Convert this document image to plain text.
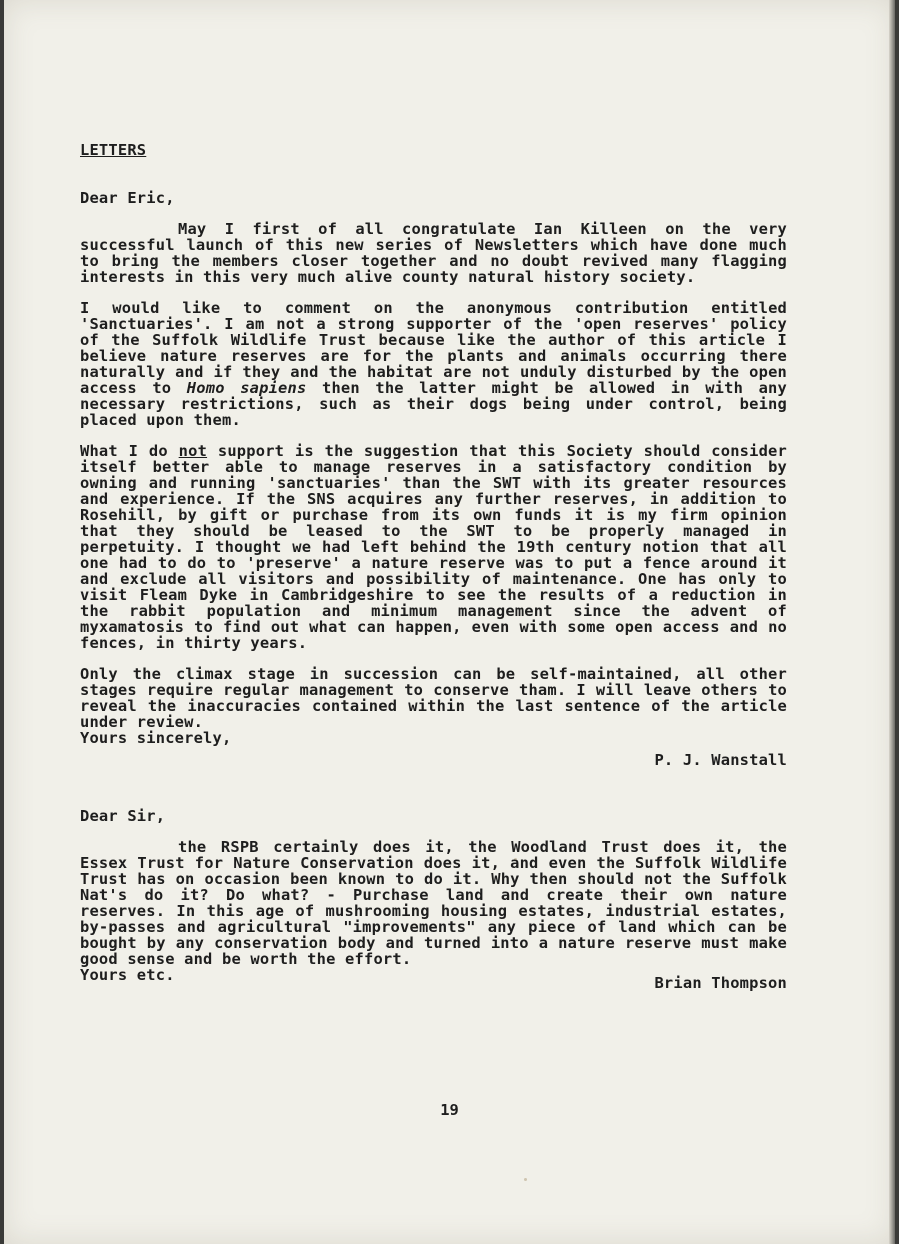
LETTERS
Dear Eric,

May I first of all congratulate Ian Killeen on the very successful launch of this new series of Newsletters which have done much to bring the members closer together and no doubt revived many flagging interests in this very much alive county natural history society.

I would like to comment on the anonymous contribution entitled 'Sanctuaries'. I am not a strong supporter of the 'open reserves' policy of the Suffolk Wildlife Trust because like the author of this article I believe nature reserves are for the plants and animals occurring there naturally and if they and the habitat are not unduly disturbed by the open access to Homo sapiens then the latter might be allowed in with any necessary restrictions, such as their dogs being under control, being placed upon them.

What I do not support is the suggestion that this Society should consider itself better able to manage reserves in a satisfactory condition by owning and running 'sanctuaries' than the SWT with its greater resources and experience. If the SNS acquires any further reserves, in addition to Rosehill, by gift or purchase from its own funds it is my firm opinion that they should be leased to the SWT to be properly managed in perpetuity. I thought we had left behind the 19th century notion that all one had to do to 'preserve' a nature reserve was to put a fence around it and exclude all visitors and possibility of maintenance. One has only to visit Fleam Dyke in Cambridgeshire to see the results of a reduction in the rabbit population and minimum management since the advent of myxamatosis to find out what can happen, even with some open access and no fences, in thirty years.

Only the climax stage in succession can be self-maintained, all other stages require regular management to conserve tham. I will leave others to reveal the inaccuracies contained within the last sentence of the article under review.

Yours sincerely,
P. J. Wanstall
Dear Sir,

the RSPB certainly does it, the Woodland Trust does it, the Essex Trust for Nature Conservation does it, and even the Suffolk Wildlife Trust has on occasion been known to do it. Why then should not the Suffolk Nat's do it? Do what? - Purchase land and create their own nature reserves. In this age of mushrooming housing estates, industrial estates, by-passes and agricultural "improvements" any piece of land which can be bought by any conservation body and turned into a nature reserve must make good sense and be worth the effort.

Yours etc.	Brian Thompson
19
